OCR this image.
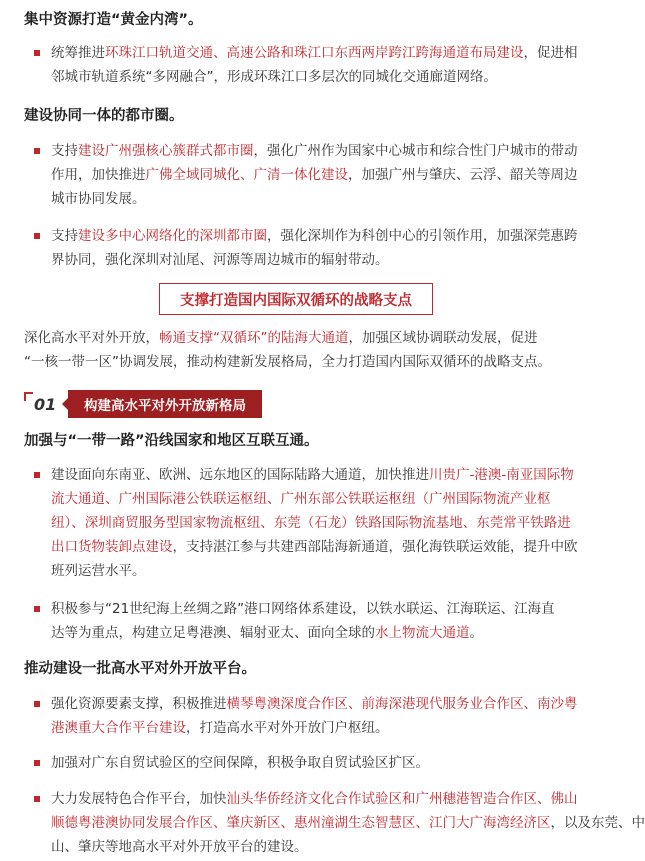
集中资源打造“黄金内湾”。
统筹推进环珠江口轨道交通、高速公路和珠江口东西两岸跨江跨海通道布局建设，促进相
邻城市轨道系统“多网融合”，形成环珠江口多层次的同城化交通廊道网络。
建设协同一体的都市圈。
支持建设广州强核心簇群式都市圈，强化广州作为国家中心城市和综合性门户城市的带动
作用，加快推进广佛全域同城化、广清一体化建设，加强广州与肇庆、云浮、韶关等周边
城市协同发展。
支持建设多中心网络化的深圳都市圈，强化深圳作为科创中心的引领作用，加强深莞惠跨
界协同，强化深圳对汕尾、河源等周边城市的辐射带动。
支撑打造国内国际双循环的战略支点
深化高水平对外开放，畅通支撑“双循环”的陆海大通道，加强区域协调联动发展，促进
“一核一带一区”协调发展，推动构建新发展格局，全力打造国内国际双循环的战略支点。
01	构建高水平对外开放新格局
加强与“一带一路”沿线国家和地区互联互通。
建设面向东南亚、欧洲、远东地区的国际陆路大通道，加快推进川贵广-港澳-南亚国际物
流大通道、广州国际港公铁联运枢纽、广州东部公铁联运枢纽（广州国际物流产业枢
纽）、深圳商贸服务型国家物流枢纽、东莞（石龙）铁路国际物流基地、东莞常平铁路进
出口货物装卸点建设，支持湛江参与共建西部陆海新通道，强化海铁联运效能，提升中欧
班列运营水平。
积极参与“21世纪海上丝绸之路”港口网络体系建设，以铁水联运、江海联运、江海直
达等为重点，构建立足粤港澳、辐射亚太、面向全球的水上物流大通道。
推动建设一批高水平对外开放平台。
强化资源要素支撑，积极推进横琴粤澳深度合作区、前海深港现代服务业合作区、南沙粤
港澳重大合作平台建设，打造高水平对外开放门户枢纽。
加强对广东自贸试验区的空间保障，积极争取自贸试验区扩区。
大力发展特色合作平台，加快汕头华侨经济文化合作试验区和广州穗港智造合作区、佛山
顺德粤港澳协同发展合作区、肇庆新区、惠州潼湖生态智慧区、江门大广海湾经济区，以及东莞、中
山、肇庆等地高水平对外开放平台的建设。
